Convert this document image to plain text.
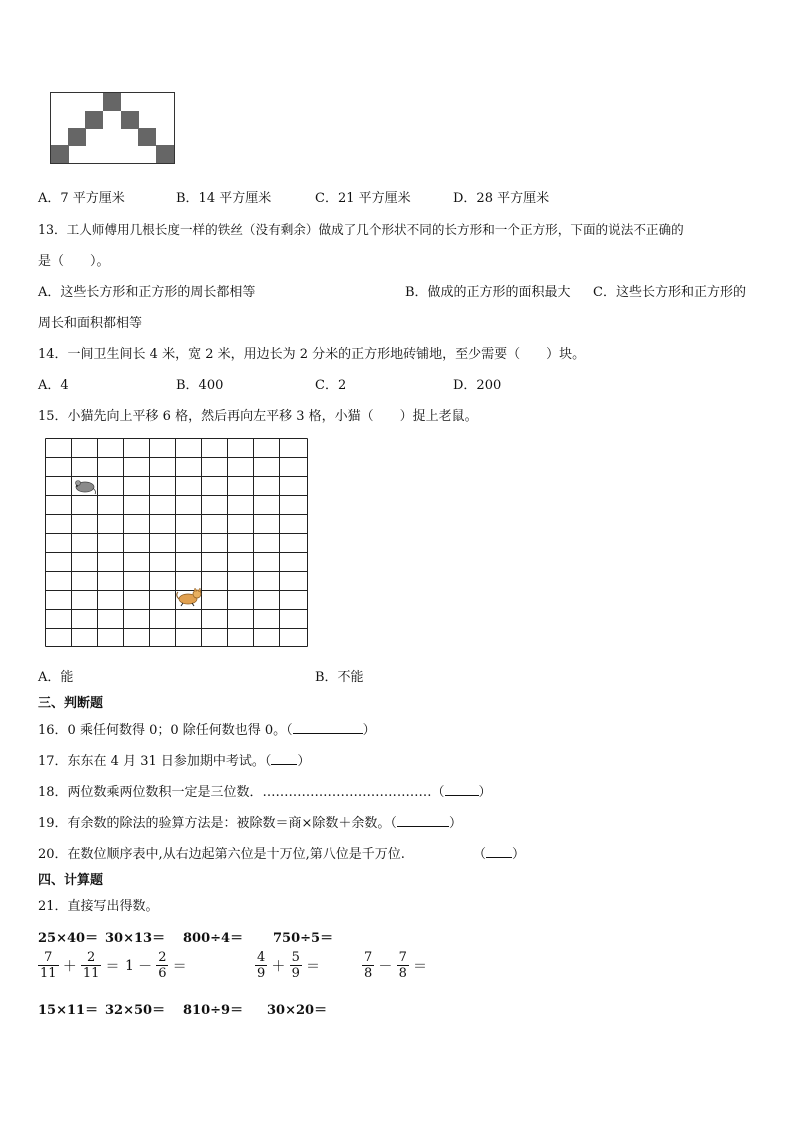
A．7 平方厘米	B．14 平方厘米	C．21 平方厘米	D．28 平方厘米
13．工人师傅用几根长度一样的铁丝（没有剩余）做成了几个形状不同的长方形和一个正方形，下面的说法不正确的
是（　　）。
A．这些长方形和正方形的周长都相等	B．做成的正方形的面积最大 C．这些长方形和正方形的
周长和面积都相等
14．一间卫生间长 4 米，宽 2 米，用边长为 2 分米的正方形地砖铺地，至少需要（　　）块。
A．4	B．400	C．2	D．200
15．小猫先向上平移 6 格，然后再向左平移 3 格，小猫（　　）捉上老鼠。
A．能	B．不能
三、判断题
16．0 乘任何数得 0；0 除任何数也得 0。（	）
17．东东在 4 月 31 日参加期中考试。（ ）
18．两位数乘两位数积一定是三位数．…………………………………（	）
19．有余数的除法的验算方法是：被除数＝商×除数＋余数。（	）
20．在数位顺序表中,从右边起第六位是十万位,第八位是千万位.	（ ）
四、计算题
21．直接写出得数。
25×40＝ 30×13＝ 800÷4＝ 750÷5＝
$\frac{7}{11} + \frac{2}{11} = 1 - \frac{2}{6}$ ＝	$\frac{4}{9} + \frac{5}{9}$ ＝	$\frac{7}{8} - \frac{7}{8}$ ＝
15×11＝ 32×50＝ 810÷9＝ 30×20＝
